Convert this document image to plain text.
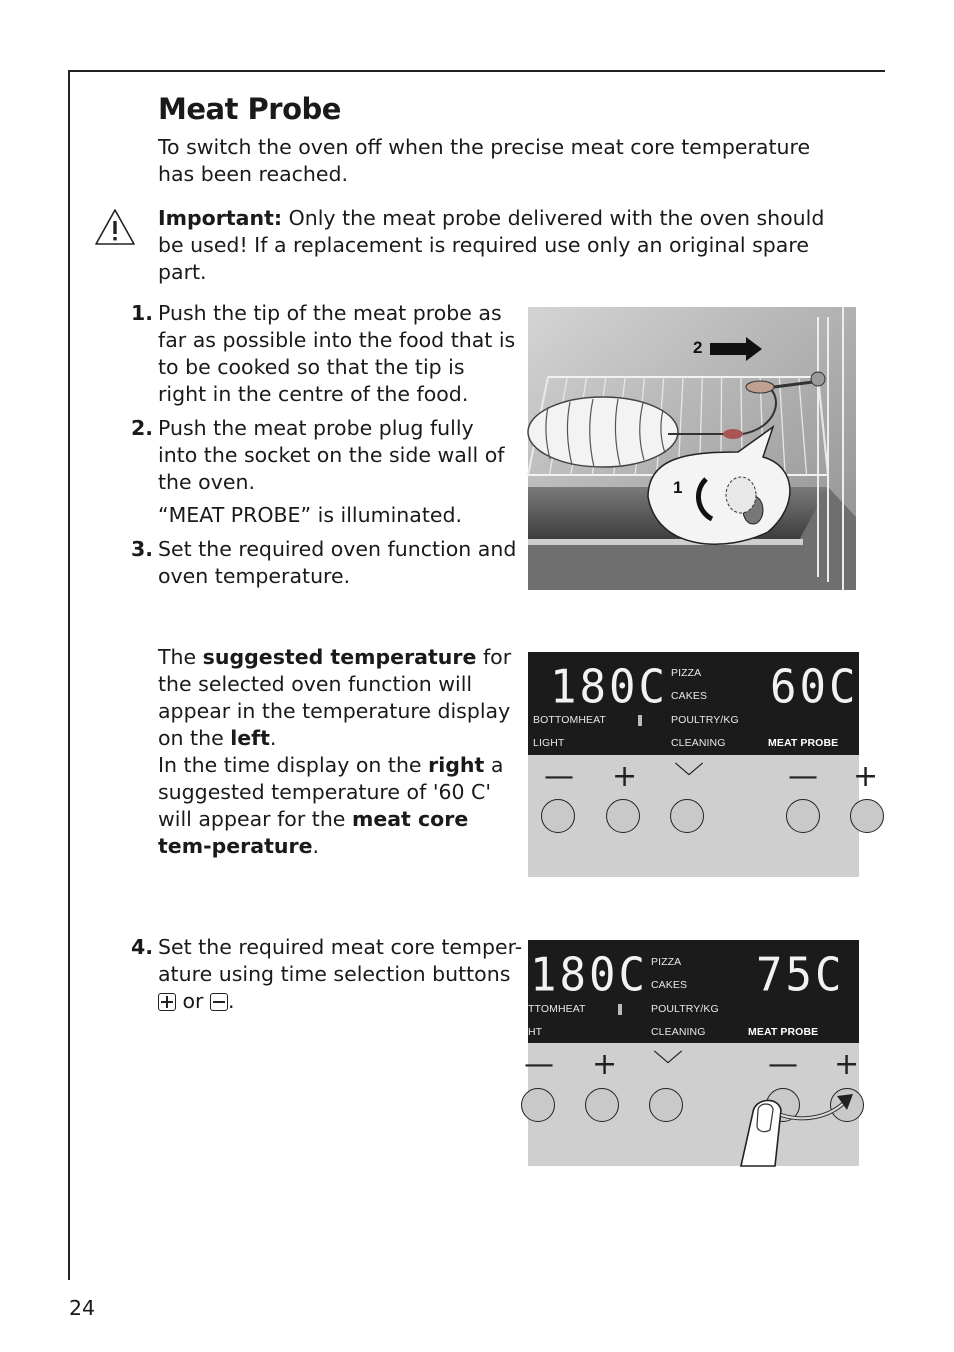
Meat Probe
To switch the oven off when the precise meat core temperature has been reached.
Important: Only the meat probe delivered with the oven should be used! If a replacement is required use only an original spare part.
1. Push the tip of the meat probe as far as possible into the food that is to be cooked so that the tip is right in the centre of the food.
2. Push the meat probe plug fully into the socket on the side wall of the oven.
“MEAT PROBE” is illuminated.
3. Set the required oven function and oven temperature.
The suggested temperature for the selected oven function will appear in the temperature display on the left.
In the time display on the right a suggested temperature of '60 C' will appear for the meat core tem-perature.
4. Set the required meat core temper-ature using time selection buttons
or
.
2
1
180C 60C
PIZZA
CAKES
POULTRY/KG
CLEANING
BOTTOMHEAT
LIGHT	MEAT PROBE
— + ﹀	— +
180C 75C
PIZZA
CAKES
POULTRY/KG
CLEANING
TTOMHEAT
HT	MEAT PROBE
— + ﹀	— +
24
